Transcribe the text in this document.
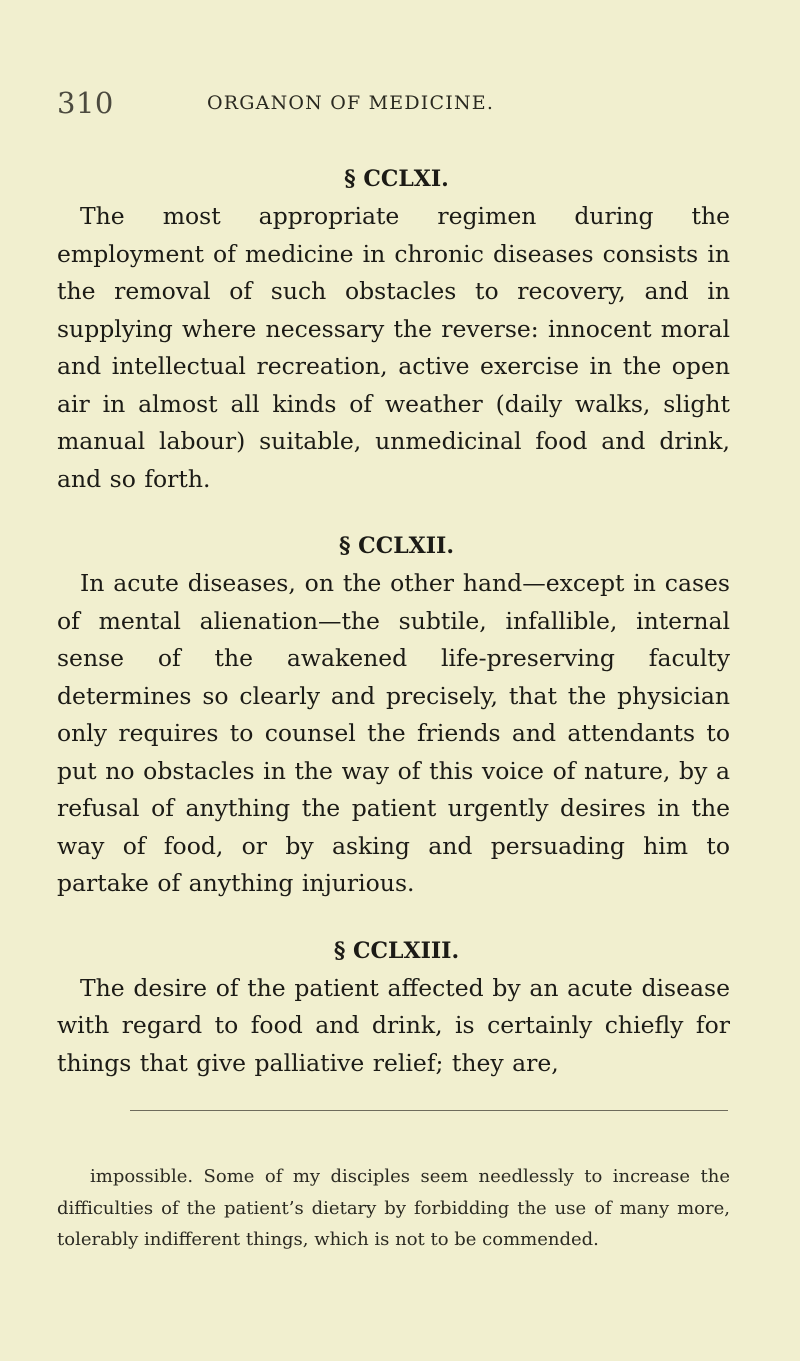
310	ORGANON OF MEDICINE.
§ CCLXI.

The most appropriate regimen during the employment of medicine in chronic diseases consists in the removal of such obstacles to recovery, and in supplying where necessary the reverse: innocent moral and intellectual recreation, active exercise in the open air in almost all kinds of weather (daily walks, slight manual labour) suitable, unmedicinal food and drink, and so forth.

§ CCLXII.

In acute diseases, on the other hand—except in cases of mental alienation—the subtile, infallible, internal sense of the awakened life-preserving faculty determines so clearly and precisely, that the physician only requires to counsel the friends and attendants to put no obstacles in the way of this voice of nature, by a refusal of anything the patient urgently desires in the way of food, or by asking and persuading him to partake of anything injurious.

§ CCLXIII.

The desire of the patient affected by an acute disease with regard to food and drink, is certainly chiefly for things that give palliative relief; they are,

impossible. Some of my disciples seem needlessly to increase the difficulties of the patient’s dietary by forbidding the use of many more, tolerably indifferent things, which is not to be commended.
